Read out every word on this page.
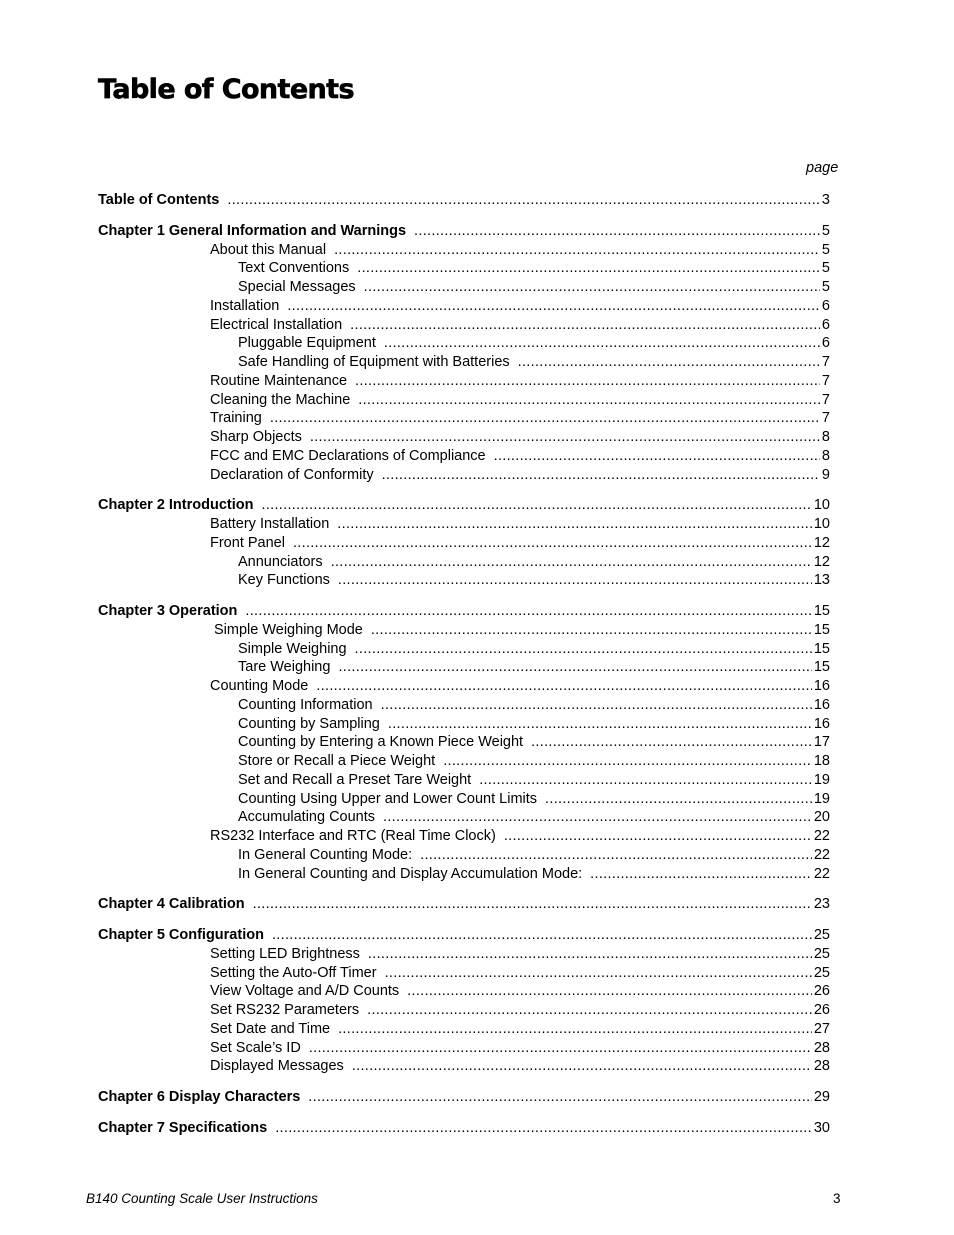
Table of Contents
page
Table of Contents .....	3
Chapter 1 General Information and Warnings .....	5
About this Manual .....	5
Text Conventions .....	5
Special Messages .....	5
Installation .....	6
Electrical Installation .....	6
Pluggable Equipment .....	6
Safe Handling of Equipment with Batteries .....	7
Routine Maintenance .....	7
Cleaning the Machine .....	7
Training .....	7
Sharp Objects .....	8
FCC and EMC Declarations of Compliance .....	8
Declaration of Conformity .....	9
Chapter 2 Introduction .....	10
Battery Installation .....	10
Front Panel .....	12
Annunciators .....	12
Key Functions .....	13
Chapter 3 Operation .....	15
Simple Weighing Mode .....	15
Simple Weighing .....	15
Tare Weighing .....	15
Counting Mode .....	16
Counting Information .....	16
Counting by Sampling .....	16
Counting by Entering a Known Piece Weight .....	17
Store or Recall a Piece Weight .....	18
Set and Recall a Preset Tare Weight .....	19
Counting Using Upper and Lower Count Limits .....	19
Accumulating Counts .....	20
RS232 Interface and RTC (Real Time Clock) .....	22
In General Counting Mode: .....	22
In General Counting and Display Accumulation Mode: .....	22
Chapter 4 Calibration .....	23
Chapter 5 Configuration .....	25
Setting LED Brightness .....	25
Setting the Auto-Off Timer .....	25
View Voltage and A/D Counts .....	26
Set RS232 Parameters .....	26
Set Date and Time .....	27
Set Scale’s ID .....	28
Displayed Messages .....	28
Chapter 6 Display Characters .....	29
Chapter 7 Specifications .....	30
B140 Counting Scale User Instructions	3
